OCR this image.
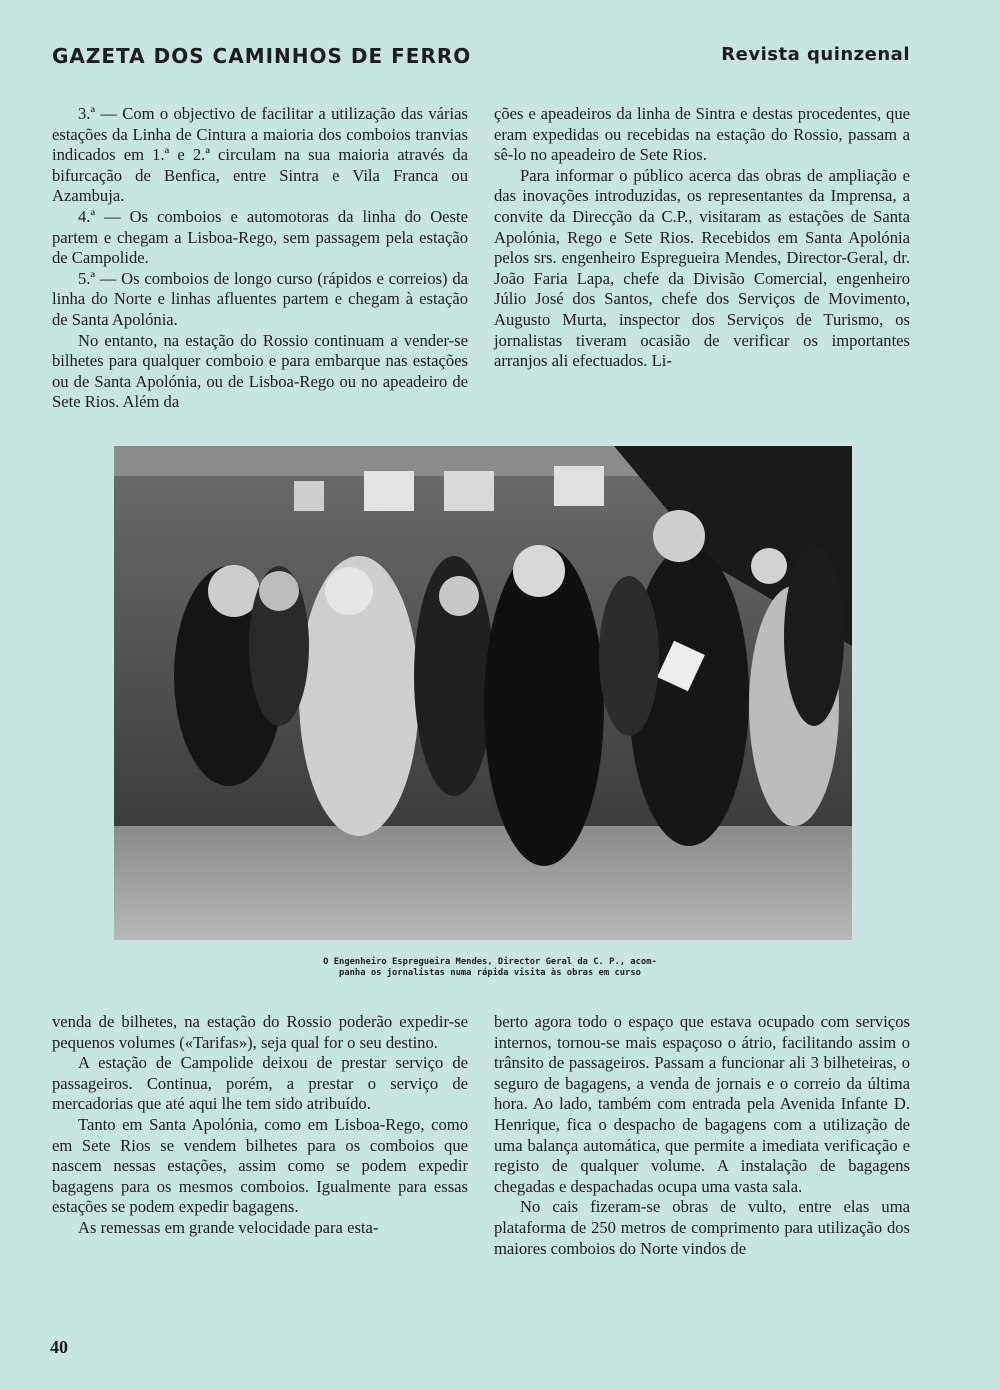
GAZETA DOS CAMINHOS DE FERRO	Revista quinzenal

3.ª — Com o objectivo de facilitar a utilização das várias estações da Linha de Cintura a maioria dos comboios tranvias indicados em 1.ª e 2.ª circulam na sua maioria através da bifurcação de Benfica, entre Sintra e Vila Franca ou Azambuja.

4.ª — Os comboios e automotoras da linha do Oeste partem e chegam a Lisboa-Rego, sem passagem pela estação de Campolide.

5.ª — Os comboios de longo curso (rápidos e correios) da linha do Norte e linhas afluentes partem e chegam à estação de Santa Apolónia.

No entanto, na estação do Rossio continuam a vender-se bilhetes para qualquer comboio e para embarque nas estações ou de Santa Apolónia, ou de Lisboa-Rego ou no apeadeiro de Sete Rios. Além da

ções e apeadeiros da linha de Sintra e destas procedentes, que eram expedidas ou recebidas na estação do Rossio, passam a sê-lo no apeadeiro de Sete Rios.

Para informar o público acerca das obras de ampliação e das inovações introduzidas, os representantes da Imprensa, a convite da Direcção da C.P., visitaram as estações de Santa Apolónia, Rego e Sete Rios. Recebidos em Santa Apolónia pelos srs. engenheiro Espregueira Mendes, Director-Geral, dr. João Faria Lapa, chefe da Divisão Comercial, engenheiro Júlio José dos Santos, chefe dos Serviços de Movimento, Augusto Murta, inspector dos Serviços de Turismo, os jornalistas tiveram ocasião de verificar os importantes arranjos ali efectuados. Li-

O Engenheiro Espregueira Mendes, Director Geral da C. P., acom-
panha os jornalistas numa rápida visita às obras em curso

venda de bilhetes, na estação do Rossio poderão expedir-se pequenos volumes («Tarifas»), seja qual for o seu destino.

A estação de Campolide deixou de prestar serviço de passageiros. Continua, porém, a prestar o serviço de mercadorias que até aqui lhe tem sido atribuído.

Tanto em Santa Apolónia, como em Lisboa-Rego, como em Sete Rios se vendem bilhetes para os comboios que nascem nessas estações, assim como se podem expedir bagagens para os mesmos comboios. Igualmente para essas estações se podem expedir bagagens.

As remessas em grande velocidade para esta-

berto agora todo o espaço que estava ocupado com serviços internos, tornou-se mais espaçoso o átrio, facilitando assim o trânsito de passageiros. Passam a funcionar ali 3 bilheteiras, o seguro de bagagens, a venda de jornais e o correio da última hora. Ao lado, também com entrada pela Avenida Infante D. Henrique, fica o despacho de bagagens com a utilização de uma balança automática, que permite a imediata verificação e registo de qualquer volume. A instalação de bagagens chegadas e despachadas ocupa uma vasta sala.

No cais fizeram-se obras de vulto, entre elas uma plataforma de 250 metros de comprimento para utilização dos maiores comboios do Norte vindos de

40
